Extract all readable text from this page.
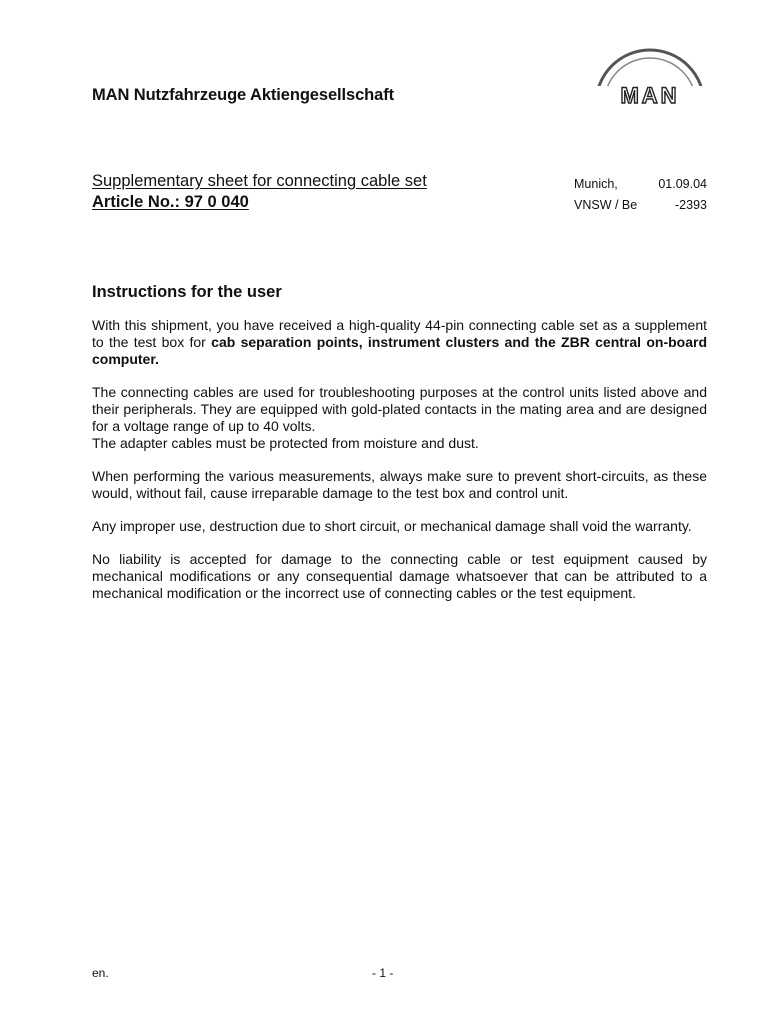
MAN Nutzfahrzeuge Aktiengesellschaft	MAN
Supplementary sheet for connecting cable set
Article No.: 97 0 040
Munich,	01.09.04
VNSW / Be	-2393
Instructions for the user

With this shipment, you have received a high-quality 44-pin connecting cable set as a supplement to the test box for cab separation points, instrument clusters and the ZBR central on-board computer.

The connecting cables are used for troubleshooting purposes at the control units listed above and their peripherals. They are equipped with gold-plated contacts in the mating area and are designed for a voltage range of up to 40 volts.

The adapter cables must be protected from moisture and dust.

When performing the various measurements, always make sure to prevent short-circuits, as these would, without fail, cause irreparable damage to the test box and control unit.

Any improper use, destruction due to short circuit, or mechanical damage shall void the warranty.

No liability is accepted for damage to the connecting cable or test equipment caused by mechanical modifications or any consequential damage whatsoever that can be attributed to a mechanical modification or the incorrect use of connecting cables or the test equipment.

en.	- 1 -
